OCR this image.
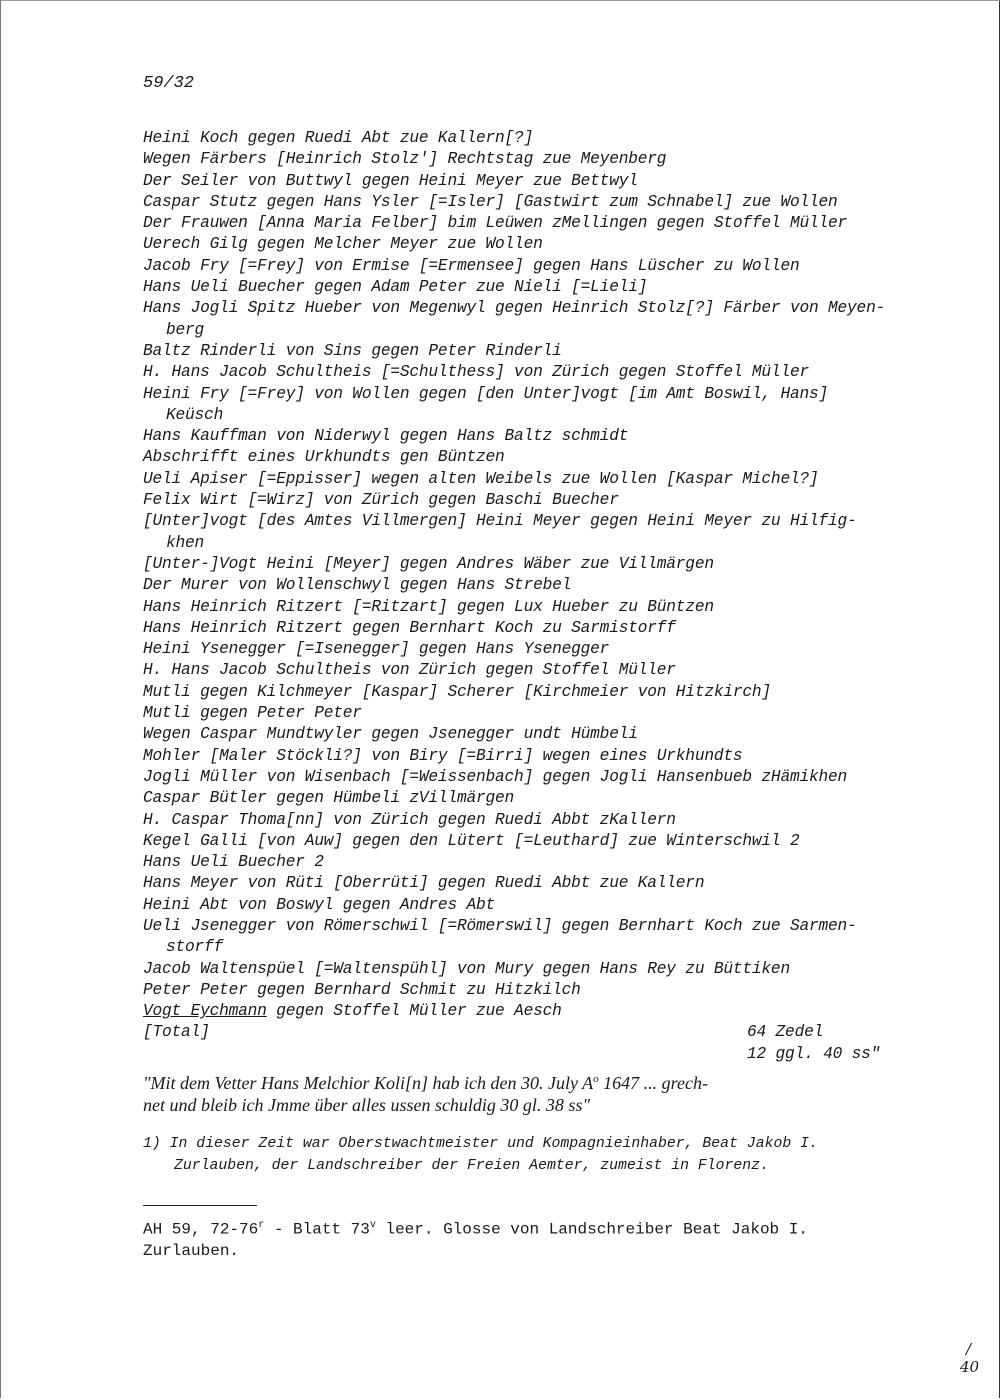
59/32
Heini Koch gegen Ruedi Abt zue Kallern[?]
Wegen Färbers [Heinrich Stolz'] Rechtstag zue Meyenberg
Der Seiler von Buttwyl gegen Heini Meyer zue Bettwyl
Caspar Stutz gegen Hans Ysler [=Isler] [Gastwirt zum Schnabel] zue Wollen
Der Frauwen [Anna Maria Felber] bim Leüwen zMellingen gegen Stoffel Müller
Uerech Gilg gegen Melcher Meyer zue Wollen
Jacob Fry [=Frey] von Ermise [=Ermensee] gegen Hans Lüscher zu Wollen
Hans Ueli Buecher gegen Adam Peter zue Nieli [=Lieli]
Hans Jogli Spitz Hueber von Megenwyl gegen Heinrich Stolz[?] Färber von Meyen-
berg
Baltz Rinderli von Sins gegen Peter Rinderli
H. Hans Jacob Schultheis [=Schulthess] von Zürich gegen Stoffel Müller
Heini Fry [=Frey] von Wollen gegen [den Unter]vogt [im Amt Boswil, Hans]
Keüsch
Hans Kauffman von Niderwyl gegen Hans Baltz schmidt
Abschrifft eines Urkhundts gen Büntzen
Ueli Apiser [=Eppisser] wegen alten Weibels zue Wollen [Kaspar Michel?]
Felix Wirt [=Wirz] von Zürich gegen Baschi Buecher
[Unter]vogt [des Amtes Villmergen] Heini Meyer gegen Heini Meyer zu Hilfig-
khen
[Unter-]Vogt Heini [Meyer] gegen Andres Wäber zue Villmärgen
Der Murer von Wollenschwyl gegen Hans Strebel
Hans Heinrich Ritzert [=Ritzart] gegen Lux Hueber zu Büntzen
Hans Heinrich Ritzert gegen Bernhart Koch zu Sarmistorff
Heini Ysenegger [=Isenegger] gegen Hans Ysenegger
H. Hans Jacob Schultheis von Zürich gegen Stoffel Müller
Mutli gegen Kilchmeyer [Kaspar] Scherer [Kirchmeier von Hitzkirch]
Mutli gegen Peter Peter
Wegen Caspar Mundtwyler gegen Jsenegger undt Hümbeli
Mohler [Maler Stöckli?] von Biry [=Birri] wegen eines Urkhundts
Jogli Müller von Wisenbach [=Weissenbach] gegen Jogli Hansenbueb zHämikhen
Caspar Bütler gegen Hümbeli zVillmärgen
H. Caspar Thoma[nn] von Zürich gegen Ruedi Abbt zKallern
Kegel Galli [von Auw] gegen den Lütert [=Leuthard] zue Winterschwil 2
Hans Ueli Buecher 2
Hans Meyer von Rüti [Oberrüti] gegen Ruedi Abbt zue Kallern
Heini Abt von Boswyl gegen Andres Abt
Ueli Jsenegger von Römerschwil [=Römerswil] gegen Bernhart Koch zue Sarmen-
storff
Jacob Waltenspüel [=Waltenspühl] von Mury gegen Hans Rey zu Büttiken
Peter Peter gegen Bernhard Schmit zu Hitzkilch
Vogt Eychmann gegen Stoffel Müller zue Aesch
[Total]	64 Zedel
12 ggl. 40 ss"
"Mit dem Vetter Hans Melchior Koli[n] hab ich den 30. July $A^o$ 1647 ... grech-
net und bleib ich Jmme über alles ussen schuldig 30 gl. 38 ss"
1) In dieser Zeit war Oberstwachtmeister und Kompagnieinhaber, Beat Jakob I.
Zurlauben, der Landschreiber der Freien Aemter, zumeist in Florenz.
AH 59, 72-76$^r$ - Blatt 73$^v$ leer. Glosse von Landschreiber Beat Jakob I.
Zurlauben.
/
40
